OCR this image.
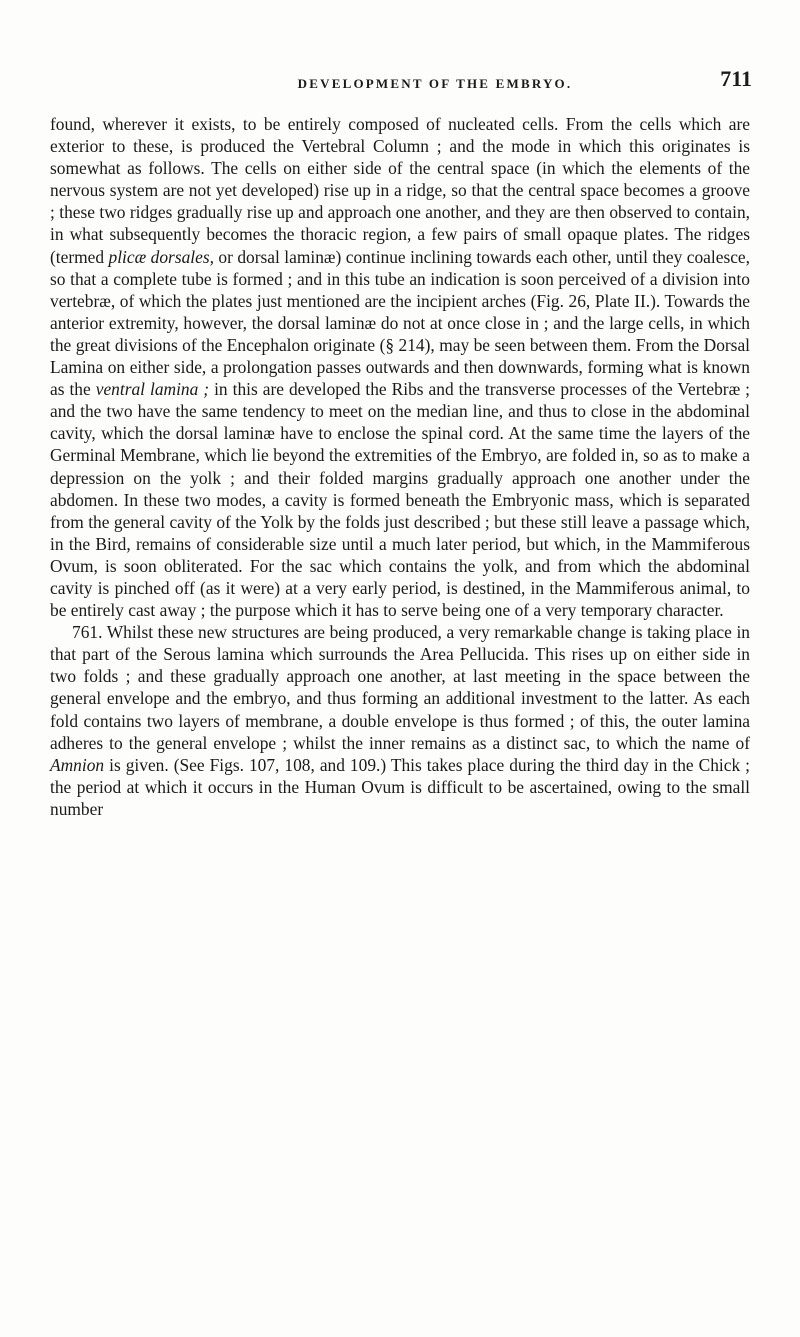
DEVELOPMENT OF THE EMBRYO.	711

found, wherever it exists, to be entirely composed of nucleated cells. From the cells which are exterior to these, is produced the Vertebral Column ; and the mode in which this originates is somewhat as follows. The cells on either side of the central space (in which the elements of the nervous system are not yet developed) rise up in a ridge, so that the central space becomes a groove ; these two ridges gradually rise up and approach one another, and they are then observed to contain, in what subsequently becomes the thoracic region, a few pairs of small opaque plates. The ridges (termed plicæ dorsales, or dorsal laminæ) continue inclining towards each other, until they coalesce, so that a complete tube is formed ; and in this tube an indication is soon perceived of a division into vertebræ, of which the plates just mentioned are the incipient arches (Fig. 26, Plate II.). Towards the anterior extremity, however, the dorsal laminæ do not at once close in ; and the large cells, in which the great divisions of the Encephalon originate (§ 214), may be seen between them. From the Dorsal Lamina on either side, a prolongation passes outwards and then downwards, forming what is known as the ventral lamina ; in this are developed the Ribs and the transverse processes of the Vertebræ ; and the two have the same tendency to meet on the median line, and thus to close in the abdominal cavity, which the dorsal laminæ have to enclose the spinal cord. At the same time the layers of the Germinal Membrane, which lie beyond the extremities of the Embryo, are folded in, so as to make a depression on the yolk ; and their folded margins gradually approach one another under the abdomen. In these two modes, a cavity is formed beneath the Embryonic mass, which is separated from the general cavity of the Yolk by the folds just described ; but these still leave a passage which, in the Bird, remains of considerable size until a much later period, but which, in the Mammiferous Ovum, is soon obliterated. For the sac which contains the yolk, and from which the abdominal cavity is pinched off (as it were) at a very early period, is destined, in the Mammiferous animal, to be entirely cast away ; the purpose which it has to serve being one of a very temporary character.

761. Whilst these new structures are being produced, a very remarkable change is taking place in that part of the Serous lamina which surrounds the Area Pellucida. This rises up on either side in two folds ; and these gradually approach one another, at last meeting in the space between the general envelope and the embryo, and thus forming an additional investment to the latter. As each fold contains two layers of membrane, a double envelope is thus formed ; of this, the outer lamina adheres to the general envelope ; whilst the inner remains as a distinct sac, to which the name of Amnion is given. (See Figs. 107, 108, and 109.) This takes place during the third day in the Chick ; the period at which it occurs in the Human Ovum is difficult to be ascertained, owing to the small number
